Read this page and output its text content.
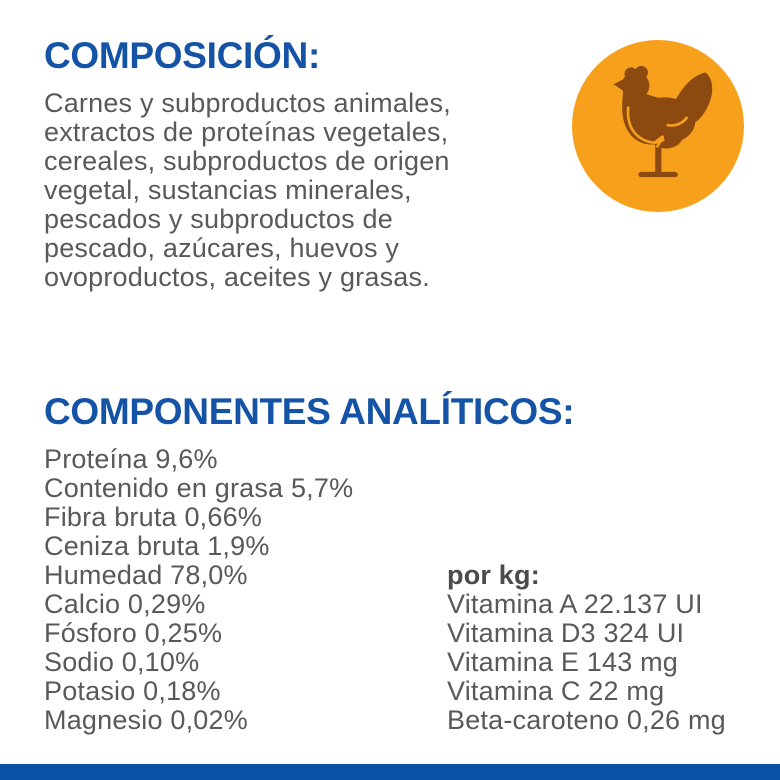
COMPOSICIÓN:
Carnes y subproductos animales,
extractos de proteínas vegetales,
cereales, subproductos de origen
vegetal, sustancias minerales,
pescados y subproductos de
pescado, azúcares, huevos y
ovoproductos, aceites y grasas.
COMPONENTES ANALÍTICOS:
Proteína 9,6%
Contenido en grasa 5,7%
Fibra bruta 0,66%
Ceniza bruta 1,9%
Humedad 78,0%
Calcio 0,29%
Fósforo 0,25%
Sodio 0,10%
Potasio 0,18%
Magnesio 0,02%
por kg:
Vitamina A 22.137 UI
Vitamina D3 324 UI
Vitamina E 143 mg
Vitamina C 22 mg
Beta-caroteno 0,26 mg
